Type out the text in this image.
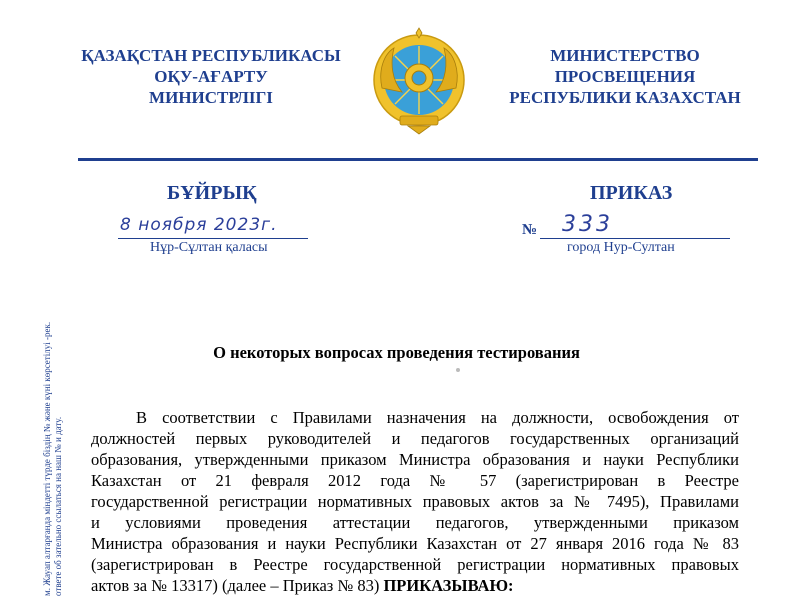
ҚАЗАҚСТАН РЕСПУБЛИКАСЫ
ОҚУ-АҒАРТУ
МИНИСТРЛІГІ
МИНИСТЕРСТВО
ПРОСВЕЩЕНИЯ
РЕСПУБЛИКИ КАЗАХСТАН
БҰЙРЫҚ	ПРИКАЗ
8 ноября 2023г.
Нұр-Сұлтан қаласы
№ 333
город Нур-Султан
м. Жауап алтарғанда міндетті түрде біздің № және күні көрсетілуі -рек. ответе об зательно ссылаться на наш № и дату.
О некоторых вопросах проведения тестирования
В соответствии с Правилами назначения на должности, освобождения от
должностей первых руководителей и педагогов государственных организаций
образования, утвержденными приказом Министра образования и науки Республики
Казахстан от 21 февраля 2012 года № 57 (зарегистрирован в Реестре
государственной регистрации нормативных правовых актов за № 7495), Правилами
и условиями проведения аттестации педагогов, утвержденными приказом
Министра образования и науки Республики Казахстан от 27 января 2016 года № 83
(зарегистрирован в Реестре государственной регистрации нормативных правовых
актов за № 13317) (далее – Приказ № 83) ПРИКАЗЫВАЮ:
